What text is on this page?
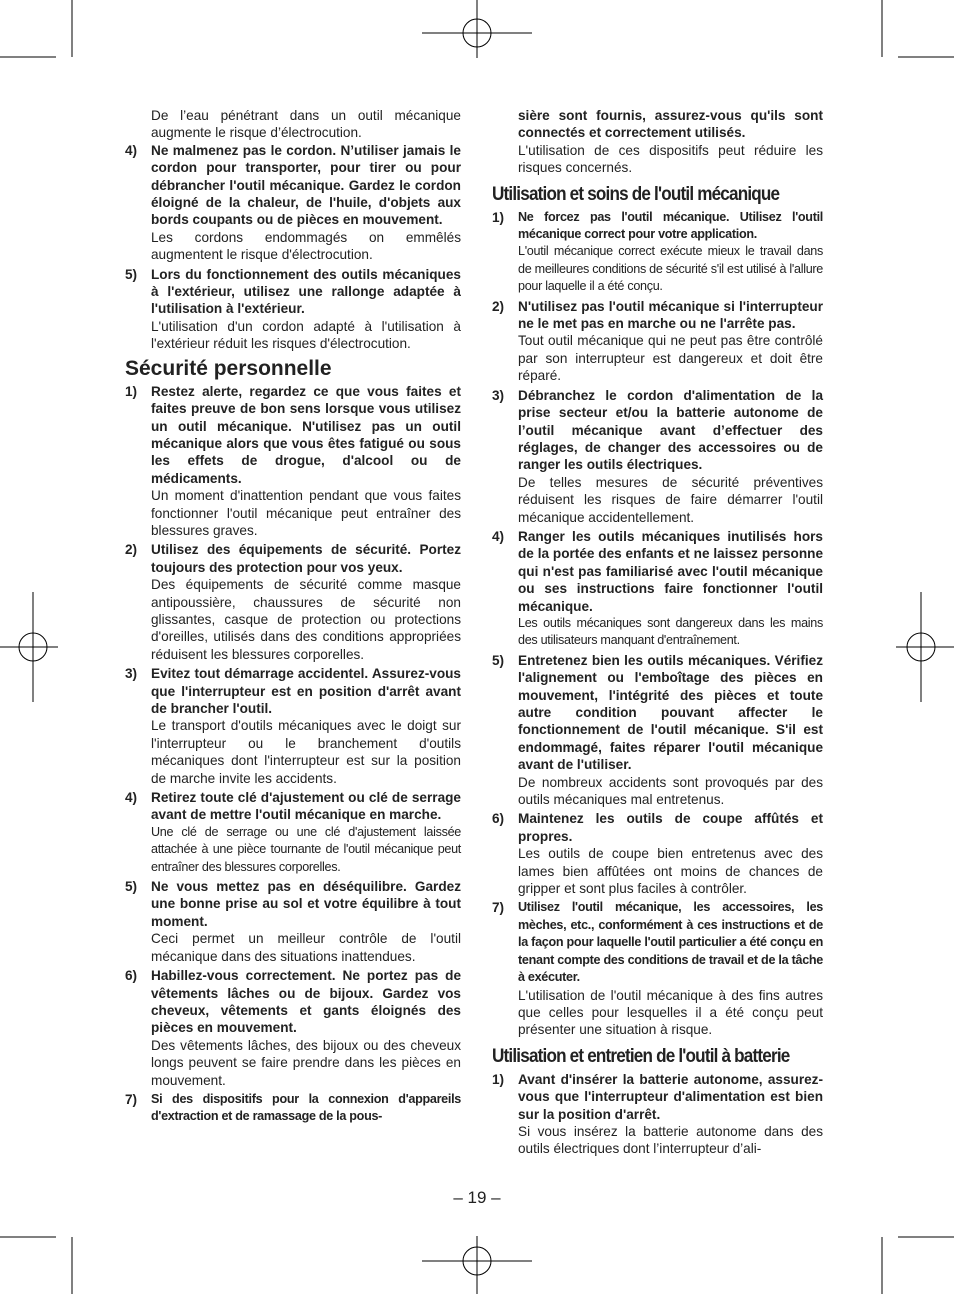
De l’eau pénétrant dans un outil mécanique augmente le risque d’électrocution.

4)	Ne malmenez pas le cordon. N’utiliser jamais le cordon pour transporter, pour tirer ou pour débrancher l'outil mécanique. Gardez le cordon éloigné de la chaleur, de l'huile, d'objets aux bords coupants ou de pièces en mouvement.
Les cordons endommagés on emmêlés augmentent le risque d'électrocution.
5)	Lors du fonctionnement des outils mécaniques à l'extérieur, utilisez une rallonge adaptée à l'utilisation à l'extérieur.
L'utilisation d'un cordon adapté à l'utilisation à l'extérieur réduit les risques d'électrocution.
Sécurité personnelle
1)	Restez alerte, regardez ce que vous faites et faites preuve de bon sens lorsque vous utilisez un outil mécanique. N'utilisez pas un outil mécanique alors que vous êtes fatigué ou sous les effets de drogue, d'alcool ou de médicaments.
Un moment d'inattention pendant que vous faites fonctionner l'outil mécanique peut entraîner des blessures graves.
2)	Utilisez des équipements de sécurité. Portez toujours des protection pour vos yeux.
Des équipements de sécurité comme masque antipoussière, chaussures de sécurité non glissantes, casque de protection ou protections d'oreilles, utilisés dans des conditions appropriées réduisent les blessures corporelles.
3)	Evitez tout démarrage accidentel. Assurez-vous que l'interrupteur est en position d'arrêt avant de brancher l'outil.
Le transport d'outils mécaniques avec le doigt sur l'interrupteur ou le branchement d'outils mécaniques dont l'interrupteur est sur la position de marche invite les accidents.
4)	Retirez toute clé d'ajustement ou clé de serrage avant de mettre l'outil mécanique en marche.
Une clé de serrage ou une clé d'ajustement laissée attachée à une pièce tournante de l'outil mécanique peut entraîner des blessures corporelles.
5)	Ne vous mettez pas en déséquilibre. Gardez une bonne prise au sol et votre équilibre à tout moment.
Ceci permet un meilleur contrôle de l'outil mécanique dans des situations inattendues.
6)	Habillez-vous correctement. Ne portez pas de vêtements lâches ou de bijoux. Gardez vos cheveux, vêtements et gants éloignés des pièces en mouvement.
Des vêtements lâches, des bijoux ou des cheveux longs peuvent se faire prendre dans les pièces en mouvement.
7)	Si des dispositifs pour la connexion d'appareils d'extraction et de ramassage de la pous-
sière sont fournis, assurez-vous qu'ils sont connectés et correctement utilisés.
L'utilisation de ces dispositifs peut réduire les risques concernés.
Utilisation et soins de l'outil mécanique
1)	Ne forcez pas l'outil mécanique. Utilisez l'outil mécanique correct pour votre application.
L'outil mécanique correct exécute mieux le travail dans de meilleures conditions de sécurité s'il est utilisé à l'allure pour laquelle il a été conçu.
2)	N'utilisez pas l'outil mécanique si l'interrupteur ne le met pas en marche ou ne l'arrête pas.
Tout outil mécanique qui ne peut pas être contrôlé par son interrupteur est dangereux et doit être réparé.
3)	Débranchez le cordon d'alimentation de la prise secteur et/ou la batterie autonome de l’outil mécanique avant d’effectuer des réglages, de changer des accessoires ou de ranger les outils électriques.
De telles mesures de sécurité préventives réduisent les risques de faire démarrer l'outil mécanique accidentellement.
4)	Ranger les outils mécaniques inutilisés hors de la portée des enfants et ne laissez personne qui n'est pas familiarisé avec l'outil mécanique ou ses instructions faire fonctionner l'outil mécanique.
Les outils mécaniques sont dangereux dans les mains des utilisateurs manquant d'entraînement.
5)	Entretenez bien les outils mécaniques. Vérifiez l'alignement ou l'emboîtage des pièces en mouvement, l'intégrité des pièces et toute autre condition pouvant affecter le fonctionnement de l'outil mécanique. S'il est endommagé, faites réparer l'outil mécanique avant de l'utiliser.
De nombreux accidents sont provoqués par des outils mécaniques mal entretenus.
6)	Maintenez les outils de coupe affûtés et propres.
Les outils de coupe bien entretenus avec des lames bien affûtées ont moins de chances de gripper et sont plus faciles à contrôler.
7)	Utilisez l'outil mécanique, les accessoires, les mèches, etc., conformément à ces instructions et de la façon pour laquelle l'outil particulier a été conçu en tenant compte des conditions de travail et de la tâche à exécuter.
L'utilisation de l'outil mécanique à des fins autres que celles pour lesquelles il a été conçu peut présenter une situation à risque.
Utilisation et entretien de l'outil à batterie
1)	Avant d'insérer la batterie autonome, assurez-vous que l'interrupteur d'alimentation est bien sur la position d'arrêt.
Si vous insérez la batterie autonome dans des outils électriques dont l’interrupteur d’ali-
– 19 –
